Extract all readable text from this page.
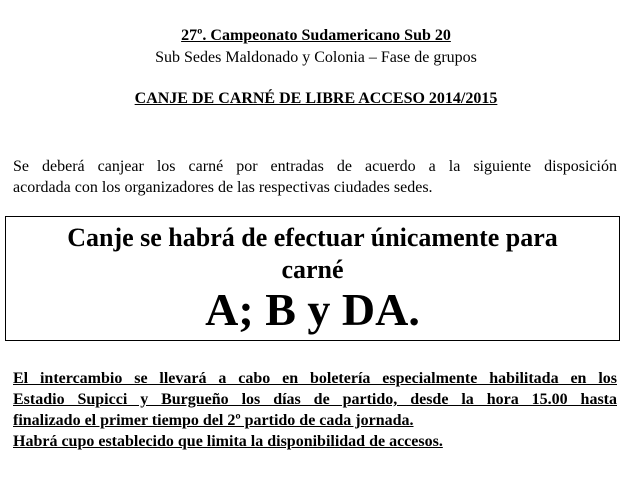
27º. Campeonato Sudamericano Sub 20
Sub Sedes Maldonado y Colonia – Fase de grupos
CANJE DE CARNÉ DE LIBRE ACCESO 2014/2015
Se deberá canjear los carné por entradas de acuerdo a la siguiente disposición
acordada con los organizadores de las respectivas ciudades sedes.
Canje se habrá de efectuar únicamente para
carné
A; B y DA.
El intercambio se llevará a cabo en boletería especialmente habilitada en los
Estadio Supicci y Burgueño los días de partido, desde la hora 15.00 hasta
finalizado el primer tiempo del 2º partido de cada jornada.
Habrá cupo establecido que limita la disponibilidad de accesos.
